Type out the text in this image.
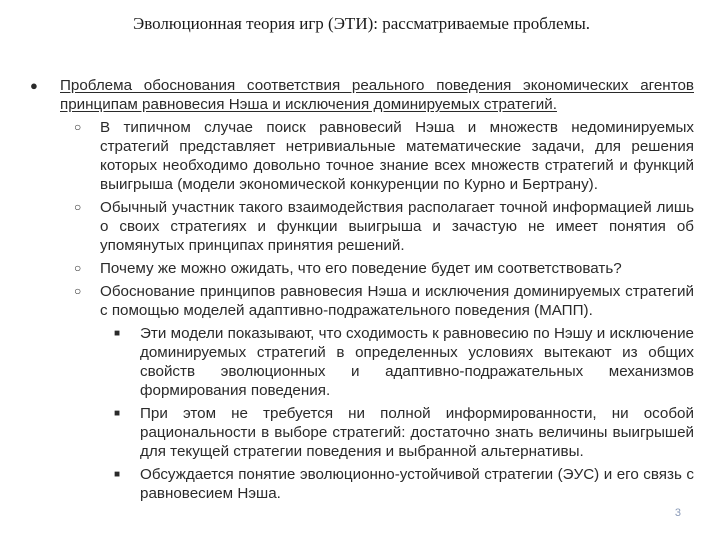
Эволюционная теория игр (ЭТИ): рассматриваемые проблемы.
● Проблема обоснования соответствия реального поведения экономических агентов принципам равновесия Нэша и исключения доминируемых стратегий.
○ В типичном случае поиск равновесий Нэша и множеств недоминируемых стратегий представляет нетривиальные математические задачи, для решения которых необходимо довольно точное знание всех множеств стратегий и функций выигрыша (модели экономической конкуренции по Курно и Бертрану).
○ Обычный участник такого взаимодействия располагает точной информацией лишь о своих стратегиях и функции выигрыша и зачастую не имеет понятия об упомянутых принципах принятия решений.
○ Почему же можно ожидать, что его поведение будет им соответствовать?
○ Обоснование принципов равновесия Нэша и исключения доминируемых стратегий с помощью моделей адаптивно-подражательного поведения (МАПП).
■ Эти модели показывают, что сходимость к равновесию по Нэшу и исключение доминируемых стратегий в определенных условиях вытекают из общих свойств эволюционных и адаптивно-подражательных механизмов формирования поведения.
■ При этом не требуется ни полной информированности, ни особой рациональности в выборе стратегий: достаточно знать величины выигрышей для текущей стратегии поведения и выбранной альтернативы.
■ Обсуждается понятие эволюционно-устойчивой стратегии (ЭУС) и его связь с равновесием Нэша.
3
